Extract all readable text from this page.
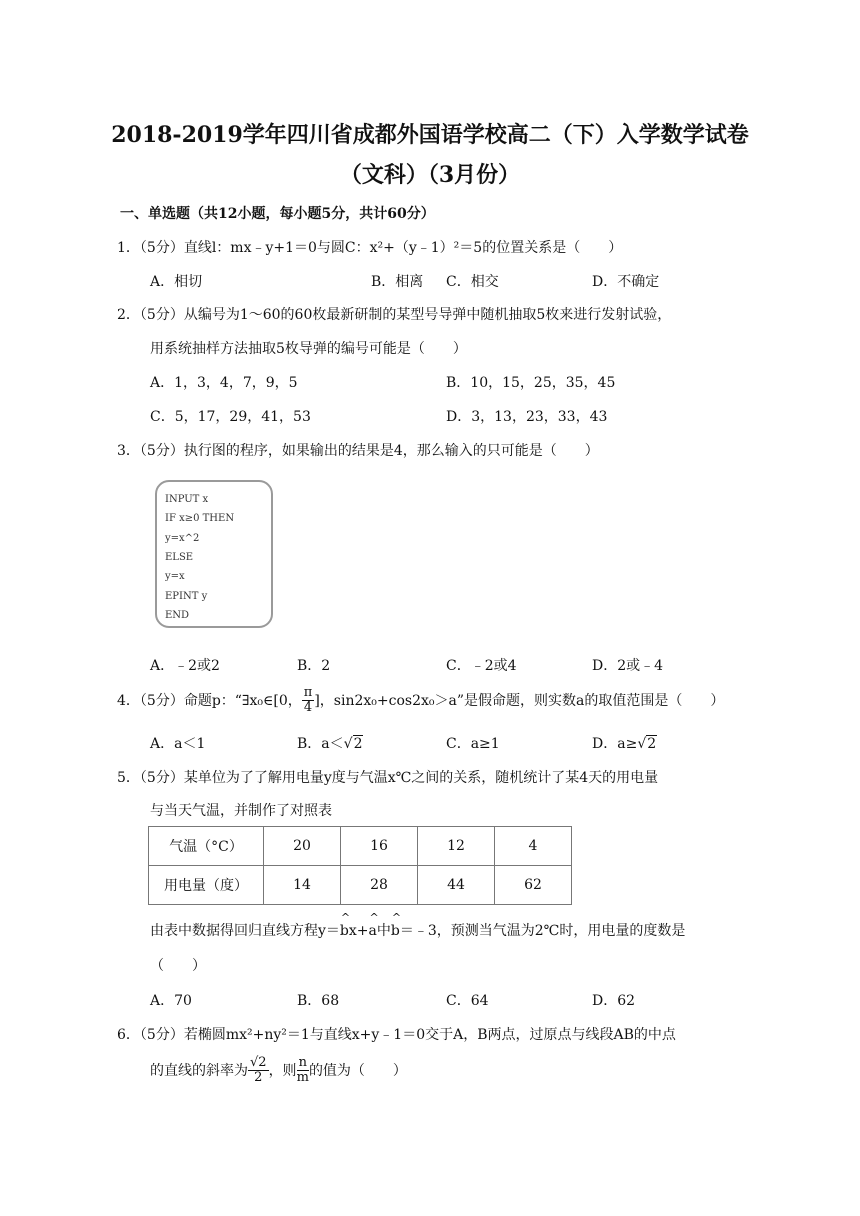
2018-2019学年四川省成都外国语学校高二（下）入学数学试卷
（文科）（3月份）
一、单选题（共12小题，每小题5分，共计60分）
1．（5分）直线l：mx﹣y+1＝0与圆C：x²+（y﹣1）²＝5的位置关系是（　　）
A．相切	B．相离 C．相交	D．不确定
2．（5分）从编号为1～60的60枚最新研制的某型号导弹中随机抽取5枚来进行发射试验，
用系统抽样方法抽取5枚导弹的编号可能是（　　）
A．1，3，4，7，9，5	B．10，15，25，35，45
C．5，17，29，41，53	D．3，13，23，33，43
3．（5分）执行图的程序，如果输出的结果是4，那么输入的只可能是（　　）
INPUT x
IF x≥0 THEN
y=x^2
ELSE
y=x
EPINT y
END
A．﹣2或2	B．2	C．﹣2或4	D．2或﹣4
4．（5分）命题p：“∃x₀∈[0， $\frac{\pi}{4}$ ]，sin2x₀+cos2x₀＞a”是假命题，则实数a的取值范围是（　　）
A．a＜1	B．a＜√2	C．a≥1	D．a≥√2
5．（5分）某单位为了了解用电量y度与气温x℃之间的关系，随机统计了某4天的用电量
与当天气温，并制作了对照表
气温（°C）	20	16	12	4
用电量（度）	14	28	44	62
由表中数据得回归直线方程y＝^ bx+^ a中^ b＝﹣3，预测当气温为2℃时，用电量的度数是
（　　）
A．70	B．68	C．64	D．62
6．（5分）若椭圆mx²+ny²＝1与直线x+y﹣1＝0交于A，B两点，过原点与线段AB的中点
的直线的斜率为 $\frac{√2}{2}$ ，则 $\frac{n}{m}$ 的值为（　　）
